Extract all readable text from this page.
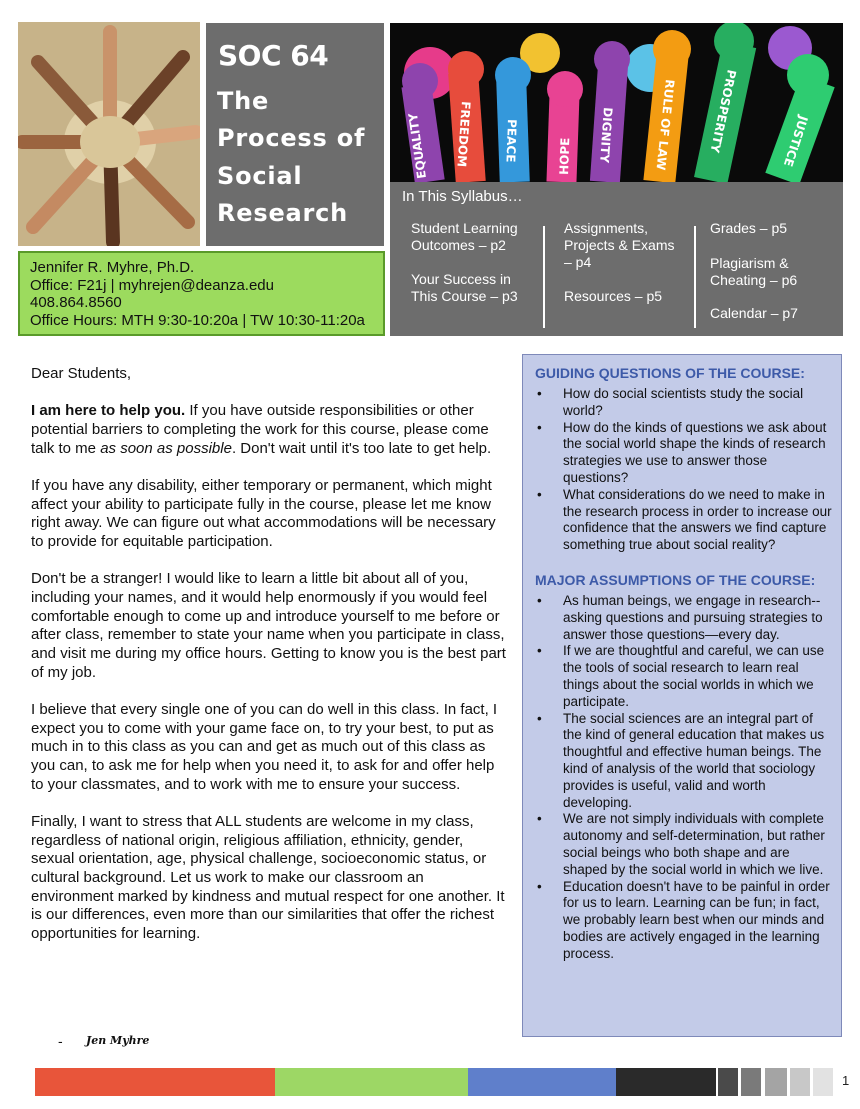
SOC 64
The
Process of
Social
Research
EQUALITY FREEDOM	PEACE	HOPE DIGNITY	RULE OF LAW	PROSPERITY	JUSTICE
Jennifer R. Myhre, Ph.D.
Office: F21j | myhrejen@deanza.edu
408.864.8560
Office Hours: MTH 9:30-10:20a | TW 10:30-11:20a
In This Syllabus…
Student Learning
Outcomes – p2
Your Success in
This Course – p3
Assignments,
Projects & Exams
– p4
Resources – p5
Grades – p5
Plagiarism &
Cheating – p6
Calendar – p7

Dear Students,

I am here to help you. If you have outside responsibilities or other potential barriers to completing the work for this course, please come talk to me as soon as possible. Don't wait until it's too late to get help.

If you have any disability, either temporary or permanent, which might affect your ability to participate fully in the course, please let me know right away. We can figure out what accommodations will be necessary to provide for equitable participation.

Don't be a stranger! I would like to learn a little bit about all of you, including your names, and it would help enormously if you would feel comfortable enough to come up and introduce yourself to me before or after class, remember to state your name when you participate in class, and visit me during my office hours. Getting to know you is the best part of my job.

I believe that every single one of you can do well in this class. In fact, I expect you to come with your game face on, to try your best, to put as much in to this class as you can and get as much out of this class as you can, to ask me for help when you need it, to ask for and offer help to your classmates, and to work with me to ensure your success.

Finally, I want to stress that ALL students are welcome in my class, regardless of national origin, religious affiliation, ethnicity, gender, sexual orientation, age, physical challenge, socioeconomic status, or cultural background. Let us work to make our classroom an environment marked by kindness and mutual respect for one another. It is our differences, even more than our similarities that offer the richest opportunities for learning.

- Jen Myhre
GUIDING QUESTIONS OF THE COURSE:
• How do social scientists study the social world?
• How do the kinds of questions we ask about the social world shape the kinds of research strategies we use to answer those questions?
• What considerations do we need to make in the research process in order to increase our confidence that the answers we find capture something true about social reality?
MAJOR ASSUMPTIONS OF THE COURSE:
• As human beings, we engage in research--asking questions and pursuing strategies to answer those questions—every day.
• If we are thoughtful and careful, we can use the tools of social research to learn real things about the social worlds in which we participate.
• The social sciences are an integral part of the kind of general education that makes us thoughtful and effective human beings. The kind of analysis of the world that sociology provides is useful, valid and worth developing.
• We are not simply individuals with complete autonomy and self-determination, but rather social beings who both shape and are shaped by the social world in which we live.
• Education doesn't have to be painful in order for us to learn. Learning can be fun; in fact, we probably learn best when our minds and bodies are actively engaged in the learning process.
1
